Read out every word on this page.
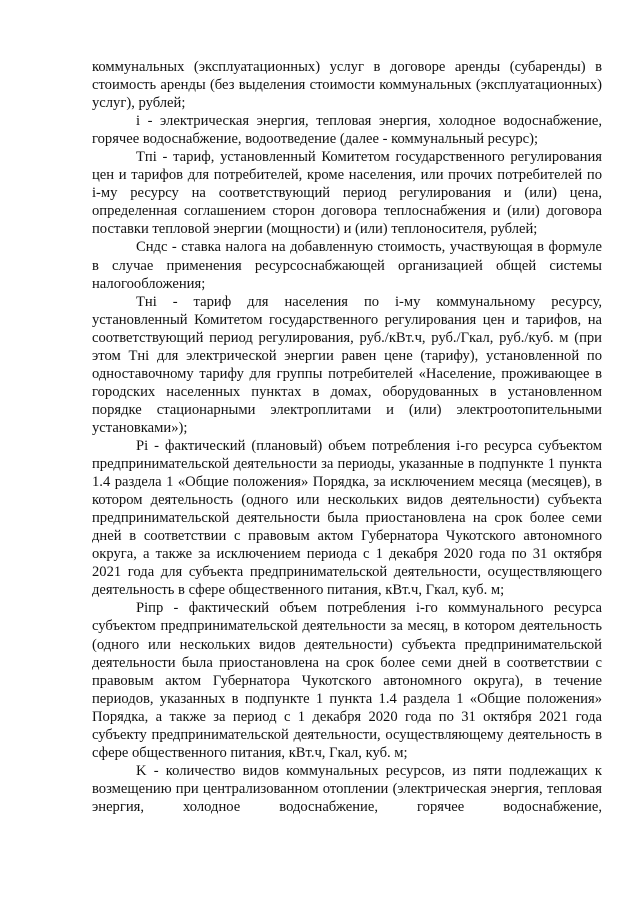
коммунальных (эксплуатационных) услуг в договоре аренды (субаренды) в стоимость аренды (без выделения стоимости коммунальных (эксплуатационных) услуг), рублей;

i - электрическая энергия, тепловая энергия, холодное водоснабжение, горячее водоснабжение, водоотведение (далее - коммунальный ресурс);

Tпi - тариф, установленный Комитетом государственного регулирования цен и тарифов для потребителей, кроме населения, или прочих потребителей по i-му ресурсу на соответствующий период регулирования и (или) цена, определенная соглашением сторон договора теплоснабжения и (или) договора поставки тепловой энергии (мощности) и (или) теплоносителя, рублей;

Cндс - ставка налога на добавленную стоимость, участвующая в формуле в случае применения ресурсоснабжающей организацией общей системы налогообложения;

Tнi - тариф для населения по i-му коммунальному ресурсу, установленный Комитетом государственного регулирования цен и тарифов, на соответствующий период регулирования, руб./кВт.ч, руб./Гкал, руб./куб. м (при этом Tнi для электрической энергии равен цене (тарифу), установленной по одноставочному тарифу для группы потребителей «Население, проживающее в городских населенных пунктах в домах, оборудованных в установленном порядке стационарными электроплитами и (или) электроотопительными установками»);

Pi - фактический (плановый) объем потребления i-го ресурса субъектом предпринимательской деятельности за периоды, указанные в подпункте 1 пункта 1.4 раздела 1 «Общие положения» Порядка, за исключением месяца (месяцев), в котором деятельность (одного или нескольких видов деятельности) субъекта предпринимательской деятельности была приостановлена на срок более семи дней в соответствии с правовым актом Губернатора Чукотского автономного округа, а также за исключением периода с 1 декабря 2020 года по 31 октября 2021 года для субъекта предпринимательской деятельности, осуществляющего деятельность в сфере общественного питания, кВт.ч, Гкал, куб. м;

Piпр - фактический объем потребления i-го коммунального ресурса субъектом предпринимательской деятельности за месяц, в котором деятельность (одного или нескольких видов деятельности) субъекта предпринимательской деятельности была приостановлена на срок более семи дней в соответствии с правовым актом Губернатора Чукотского автономного округа), в течение периодов, указанных в подпункте 1 пункта 1.4 раздела 1 «Общие положения» Порядка, а также за период с 1 декабря 2020 года по 31 октября 2021 года субъекту предпринимательской деятельности, осуществляющему деятельность в сфере общественного питания, кВт.ч, Гкал, куб. м;

K - количество видов коммунальных ресурсов, из пяти подлежащих к возмещению при централизованном отоплении (электрическая энергия, тепловая энергия, холодное водоснабжение, горячее водоснабжение,
